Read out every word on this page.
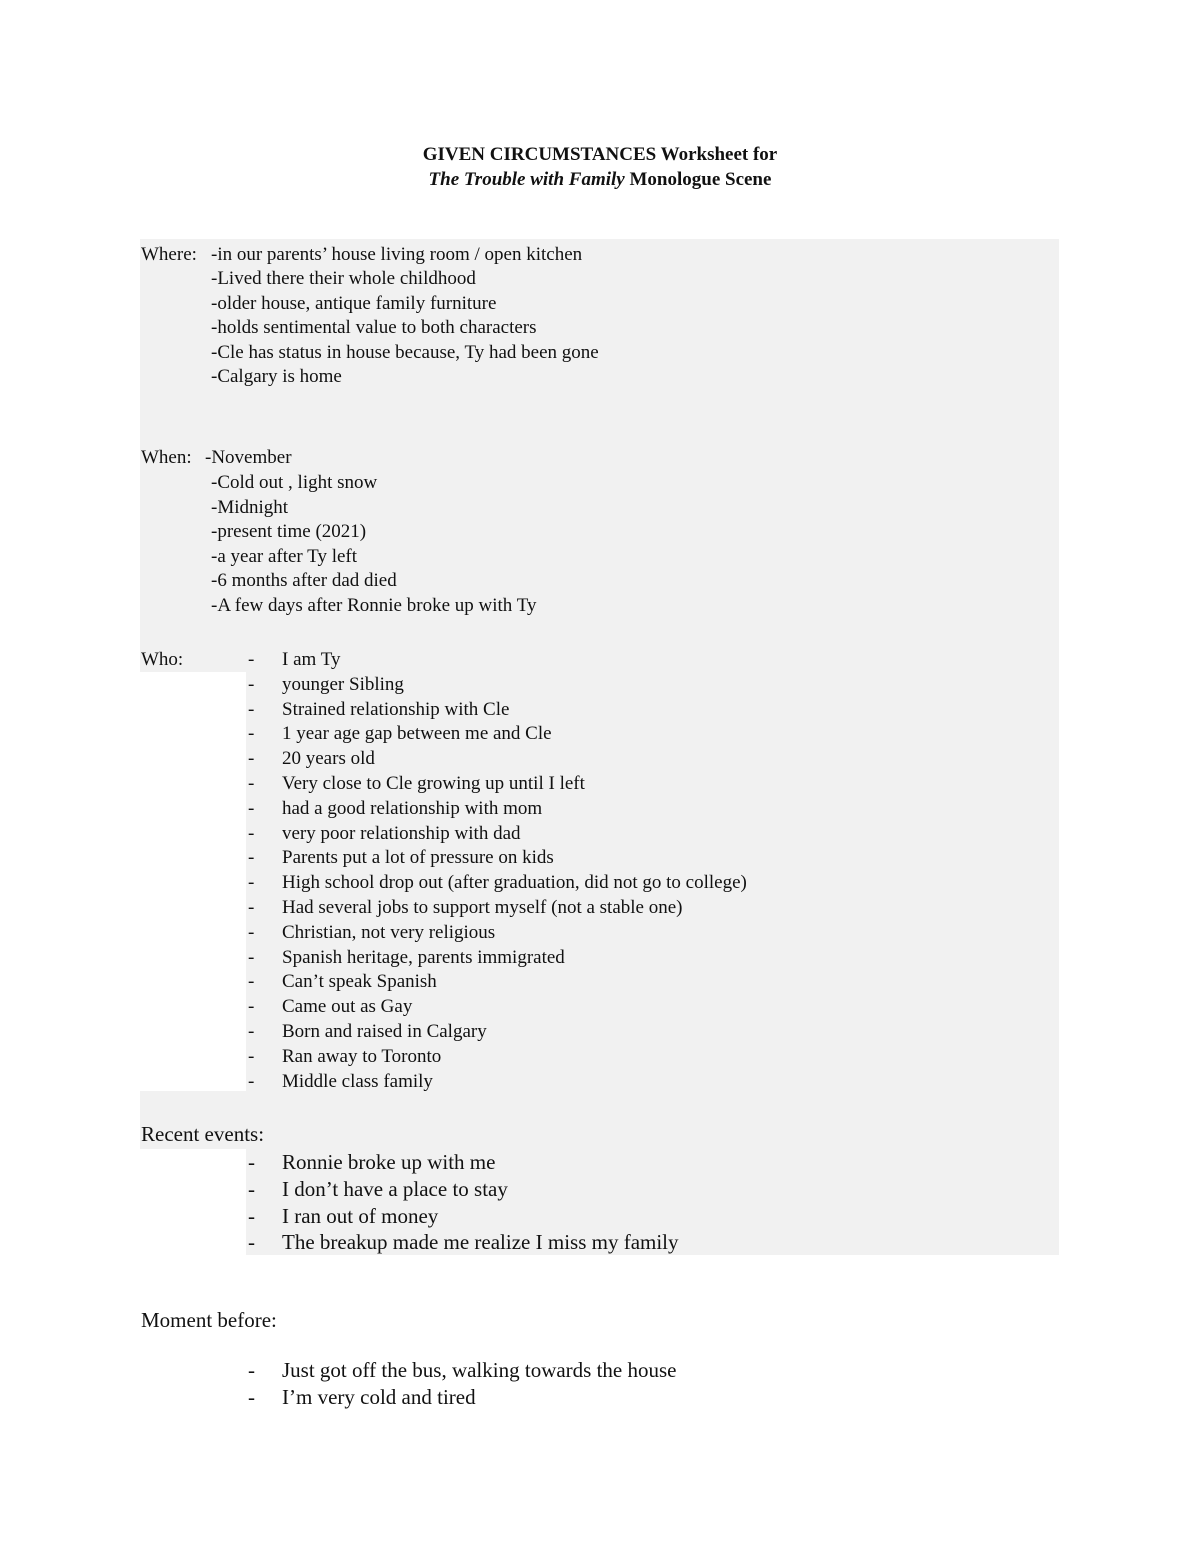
GIVEN CIRCUMSTANCES Worksheet for
The Trouble with Family Monologue Scene
Where: -in our parents’ house living room / open kitchen
-Lived there their whole childhood
-older house, antique family furniture
-holds sentimental value to both characters
-Cle has status in house because, Ty had been gone
-Calgary is home
When: -November
-Cold out , light snow
-Midnight
-present time (2021)
-a year after Ty left
-6 months after dad died
-A few days after Ronnie broke up with Ty
Who:	- I am Ty
- younger Sibling
- Strained relationship with Cle
- 1 year age gap between me and Cle
- 20 years old
- Very close to Cle growing up until I left
- had a good relationship with mom
- very poor relationship with dad
- Parents put a lot of pressure on kids
- High school drop out (after graduation, did not go to college)
- Had several jobs to support myself (not a stable one)
- Christian, not very religious
- Spanish heritage, parents immigrated
- Can’t speak Spanish
- Came out as Gay
- Born and raised in Calgary
- Ran away to Toronto
- Middle class family
Recent events:
- Ronnie broke up with me
- I don’t have a place to stay
- I ran out of money
- The breakup made me realize I miss my family
Moment before:
- Just got off the bus, walking towards the house
- I’m very cold and tired
